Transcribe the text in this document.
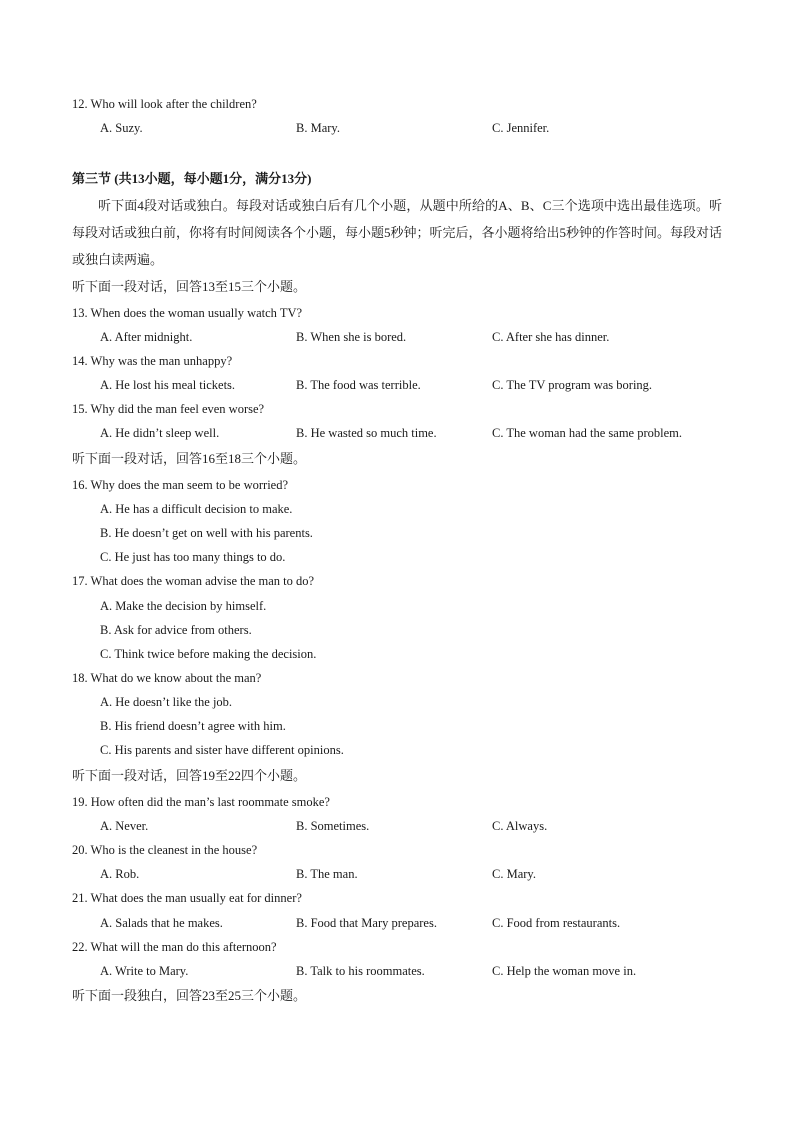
12. Who will look after the children?
A. Suzy.	B. Mary.	C. Jennifer.
第三节 (共13小题，每小题1分，满分13分)
听下面4段对话或独白。每段对话或独白后有几个小题，从题中所给的A、B、C三个选项中选出最佳选项。听每段对话或独白前，你将有时间阅读各个小题，每小题5秒钟；听完后，各小题将给出5秒钟的作答时间。每段对话或独白读两遍。
听下面一段对话，回答13至15三个小题。
13. When does the woman usually watch TV?
A. After midnight.	B. When she is bored.	C. After she has dinner.
14. Why was the man unhappy?
A. He lost his meal tickets.	B. The food was terrible.	C. The TV program was boring.
15. Why did the man feel even worse?
A. He didn’t sleep well.	B. He wasted so much time.	C. The woman had the same problem.
听下面一段对话，回答16至18三个小题。
16. Why does the man seem to be worried?
A. He has a difficult decision to make.
B. He doesn’t get on well with his parents.
C. He just has too many things to do.
17. What does the woman advise the man to do?
A. Make the decision by himself.
B. Ask for advice from others.
C. Think twice before making the decision.
18. What do we know about the man?
A. He doesn’t like the job.
B. His friend doesn’t agree with him.
C. His parents and sister have different opinions.
听下面一段对话，回答19至22四个小题。
19. How often did the man’s last roommate smoke?
A. Never.	B. Sometimes.	C. Always.
20. Who is the cleanest in the house?
A. Rob.	B. The man.	C. Mary.
21. What does the man usually eat for dinner?
A. Salads that he makes.	B. Food that Mary prepares.	C. Food from restaurants.
22. What will the man do this afternoon?
A. Write to Mary.	B. Talk to his roommates.	C. Help the woman move in.
听下面一段独白，回答23至25三个小题。
